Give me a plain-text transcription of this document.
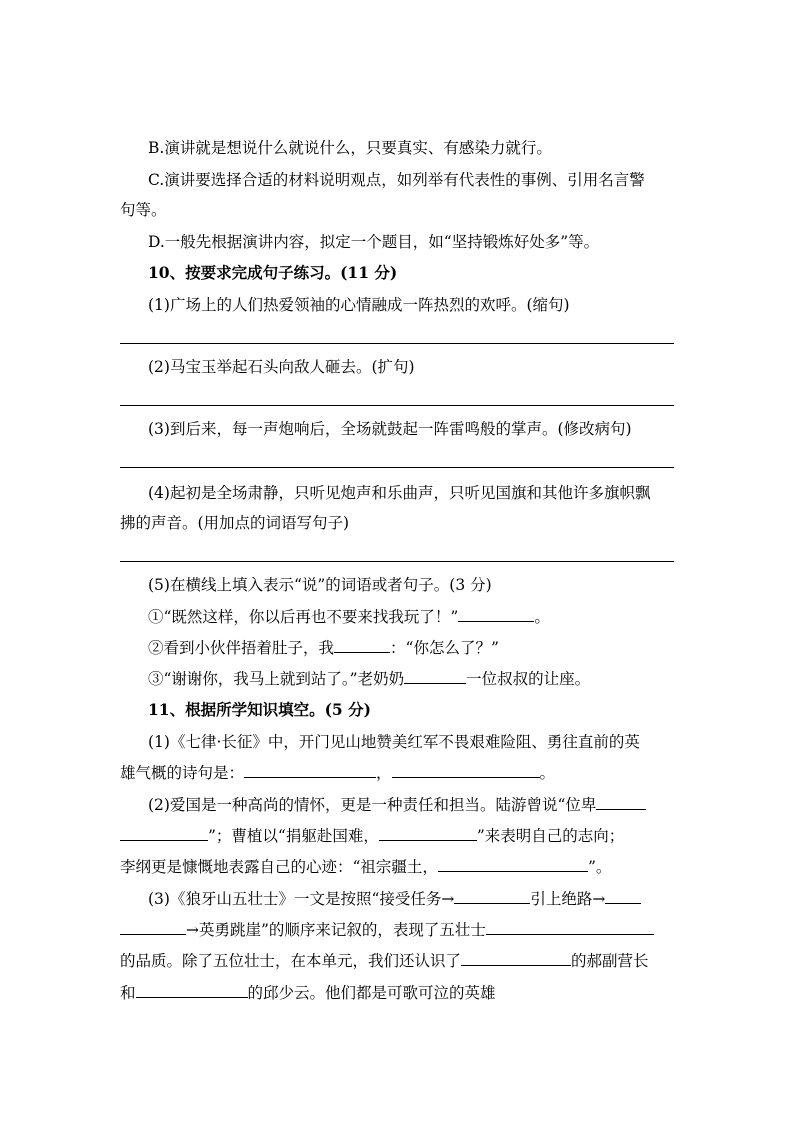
B.演讲就是想说什么就说什么，只要真实、有感染力就行。
C.演讲要选择合适的材料说明观点，如列举有代表性的事例、引用名言警
句等。
D.一般先根据演讲内容，拟定一个题目，如“坚持锻炼好处多”等。
10、按要求完成句子练习。(11 分)
(1)广场上的人们热爱领袖的心情融成一阵热烈的欢呼。(缩句)
(2)马宝玉举起石头向敌人砸去。(扩句)
(3)到后来，每一声炮响后，全场就鼓起一阵雷鸣般的掌声。(修改病句)
(4)起初是全场肃静，只听见炮声和乐曲声，只听见国旗和其他许多旗帜飘
拂的声音。(用加点的词语写句子)
(5)在横线上填入表示“说”的词语或者句子。(3 分)
①“既然这样，你以后再也不要来找我玩了！”	。
②看到小伙伴捂着肚子，我	：“你怎么了？”
③“谢谢你，我马上就到站了。”老奶奶	一位叔叔的让座。
11、根据所学知识填空。(5 分)
(1)《七律·长征》中，开门见山地赞美红军不畏艰难险阻、勇往直前的英
雄气概的诗句是：	，	。
(2)爱国是一种高尚的情怀，更是一种责任和担当。陆游曾说“位卑
”；曹植以“捐躯赴国难，	”来表明自己的志向；
李纲更是慷慨地表露自己的心迹：“祖宗疆土，	”。
(3)《狼牙山五壮士》一文是按照“接受任务→	引上绝路→
→英勇跳崖”的顺序来记叙的，表现了五壮士
的品质。除了五位壮士，在本单元，我们还认识了	的郝副营长
和	的邱少云。他们都是可歌可泣的英雄
